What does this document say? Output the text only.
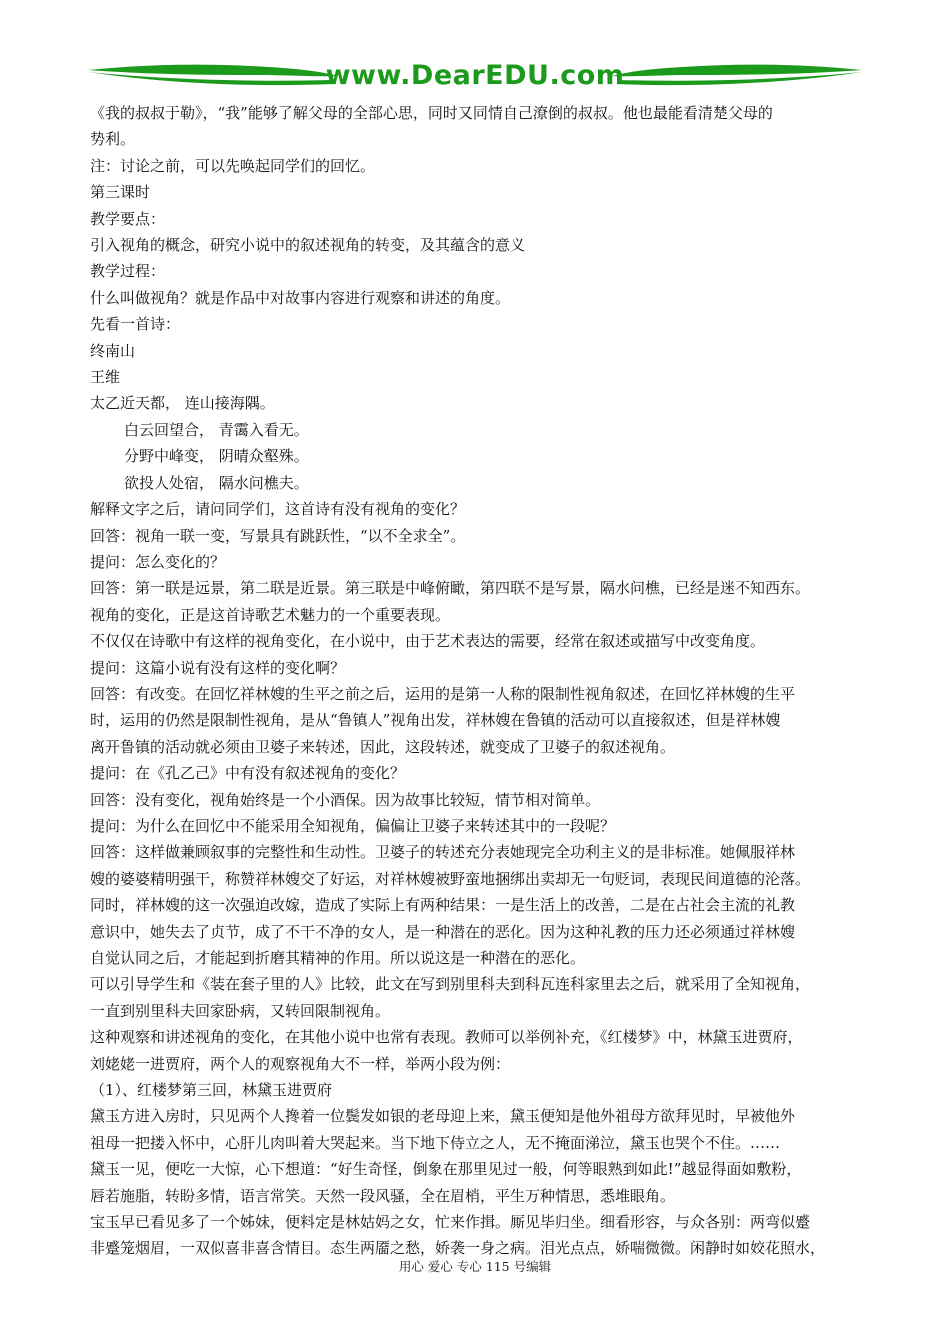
www.DearEDU.com
《我的叔叔于勒》，“我”能够了解父母的全部心思，同时又同情自己潦倒的叔叔。他也最能看清楚父母的
势利。
注：讨论之前，可以先唤起同学们的回忆。
第三课时
教学要点：
引入视角的概念，研究小说中的叙述视角的转变，及其蕴含的意义
教学过程：
什么叫做视角？就是作品中对故事内容进行观察和讲述的角度。
先看一首诗：
终南山
王维
太乙近天都， 连山接海隅。
白云回望合， 青霭入看无。
分野中峰变， 阴晴众壑殊。
欲投人处宿， 隔水问樵夫。
解释文字之后，请问同学们，这首诗有没有视角的变化？
回答：视角一联一变，写景具有跳跃性，“以不全求全”。
提问：怎么变化的？
回答：第一联是远景，第二联是近景。第三联是中峰俯瞰，第四联不是写景，隔水问樵，已经是迷不知西东。
视角的变化，正是这首诗歌艺术魅力的一个重要表现。
不仅仅在诗歌中有这样的视角变化，在小说中，由于艺术表达的需要，经常在叙述或描写中改变角度。
提问：这篇小说有没有这样的变化啊？
回答：有改变。在回忆祥林嫂的生平之前之后，运用的是第一人称的限制性视角叙述，在回忆祥林嫂的生平
时，运用的仍然是限制性视角，是从“鲁镇人”视角出发，祥林嫂在鲁镇的活动可以直接叙述，但是祥林嫂
离开鲁镇的活动就必须由卫婆子来转述，因此，这段转述，就变成了卫婆子的叙述视角。
提问：在《孔乙己》中有没有叙述视角的变化？
回答：没有变化，视角始终是一个小酒保。因为故事比较短，情节相对简单。
提问：为什么在回忆中不能采用全知视角，偏偏让卫婆子来转述其中的一段呢？
回答：这样做兼顾叙事的完整性和生动性。卫婆子的转述充分表她现完全功利主义的是非标准。她佩服祥林
嫂的婆婆精明强干，称赞祥林嫂交了好运，对祥林嫂被野蛮地捆绑出卖却无一句贬词，表现民间道德的沦落。
同时，祥林嫂的这一次强迫改嫁，造成了实际上有两种结果：一是生活上的改善，二是在占社会主流的礼教
意识中，她失去了贞节，成了不干不净的女人，是一种潜在的恶化。因为这种礼教的压力还必须通过祥林嫂
自觉认同之后，才能起到折磨其精神的作用。所以说这是一种潜在的恶化。
可以引导学生和《装在套子里的人》比较，此文在写到别里科夫到科瓦连科家里去之后，就采用了全知视角，
一直到别里科夫回家卧病，又转回限制视角。
这种观察和讲述视角的变化，在其他小说中也常有表现。教师可以举例补充，《红楼梦》中，林黛玉进贾府，
刘姥姥一进贾府，两个人的观察视角大不一样，举两小段为例：
（1）、红楼梦第三回，林黛玉进贾府
黛玉方进入房时，只见两个人搀着一位鬓发如银的老母迎上来，黛玉便知是他外祖母方欲拜见时，早被他外
祖母一把搂入怀中，心肝儿肉叫着大哭起来。当下地下侍立之人，无不掩面涕泣，黛玉也哭个不住。……
黛玉一见，便吃一大惊，心下想道：“好生奇怪，倒象在那里见过一般，何等眼熟到如此!”越显得面如敷粉，
唇若施脂，转盼多情，语言常笑。天然一段风骚，全在眉梢，平生万种情思，悉堆眼角。
宝玉早已看见多了一个姊妹，便料定是林姑妈之女，忙来作揖。厮见毕归坐。细看形容，与众各别：两弯似蹙
非蹙笼烟眉，一双似喜非喜含情目。态生两靥之愁，娇袭一身之病。泪光点点，娇喘微微。闲静时如姣花照水，
用心 爱心 专心 115 号编辑
